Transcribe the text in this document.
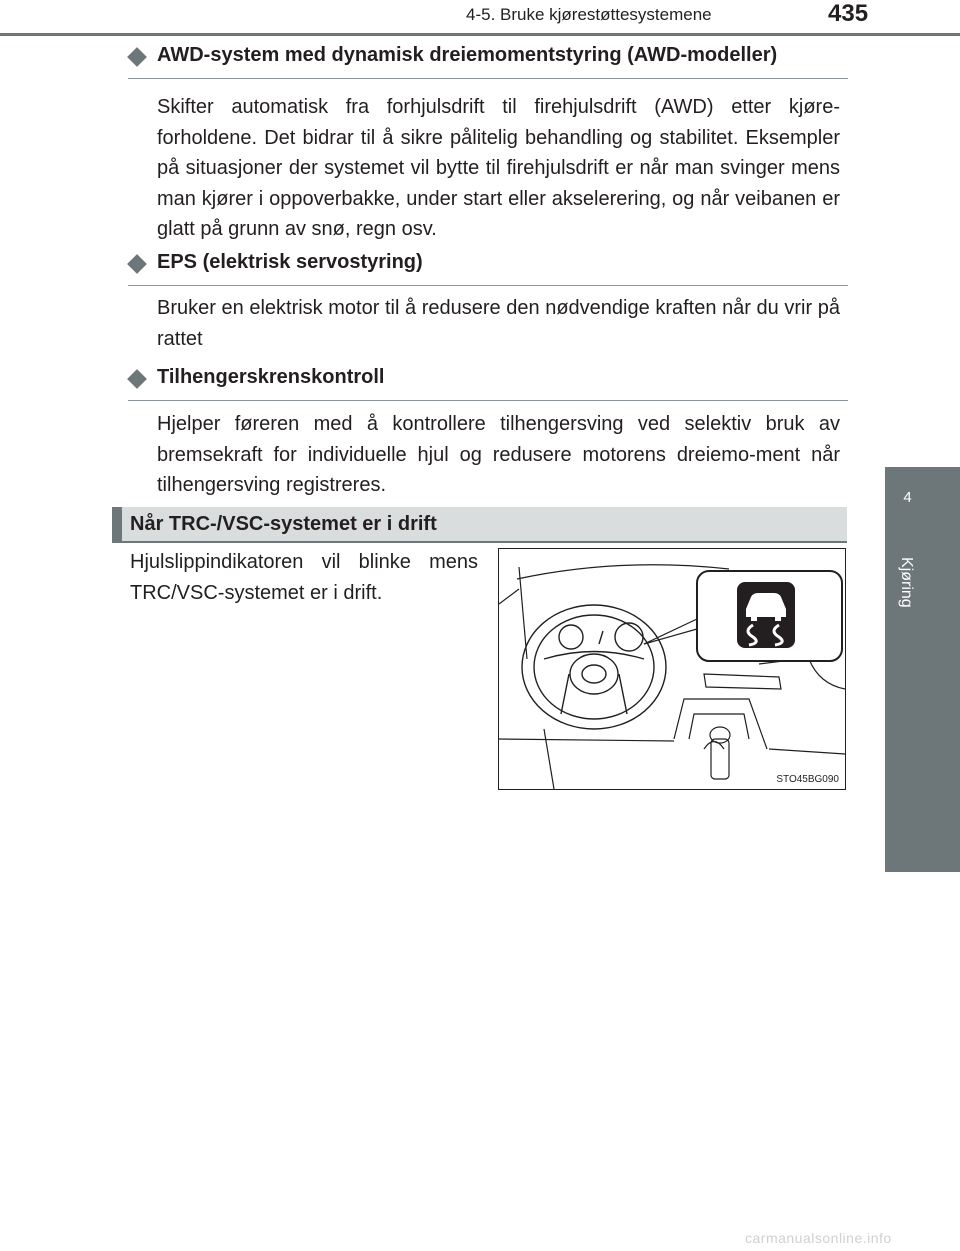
4-5. Bruke kjørestøttesystemene	435
4
Kjøring
AWD-system med dynamisk dreiemomentstyring (AWD-modeller)

Skifter automatisk fra forhjulsdrift til firehjulsdrift (AWD) etter kjøre-forholdene. Det bidrar til å sikre pålitelig behandling og stabilitet. Eksempler på situasjoner der systemet vil bytte til firehjulsdrift er når man svinger mens man kjører i oppoverbakke, under start eller akselerering, og når veibanen er glatt på grunn av snø, regn osv.

EPS (elektrisk servostyring)

Bruker en elektrisk motor til å redusere den nødvendige kraften når du vrir på rattet

Tilhengerskrenskontroll

Hjelper føreren med å kontrollere tilhengersving ved selektiv bruk av bremsekraft for individuelle hjul og redusere motorens dreiemo-ment når tilhengersving registreres.

Når TRC-/VSC-systemet er i drift

Hjulslippindikatoren vil blinke mens TRC/VSC-systemet er i drift.

STO45BG090
carmanualsonline.info
